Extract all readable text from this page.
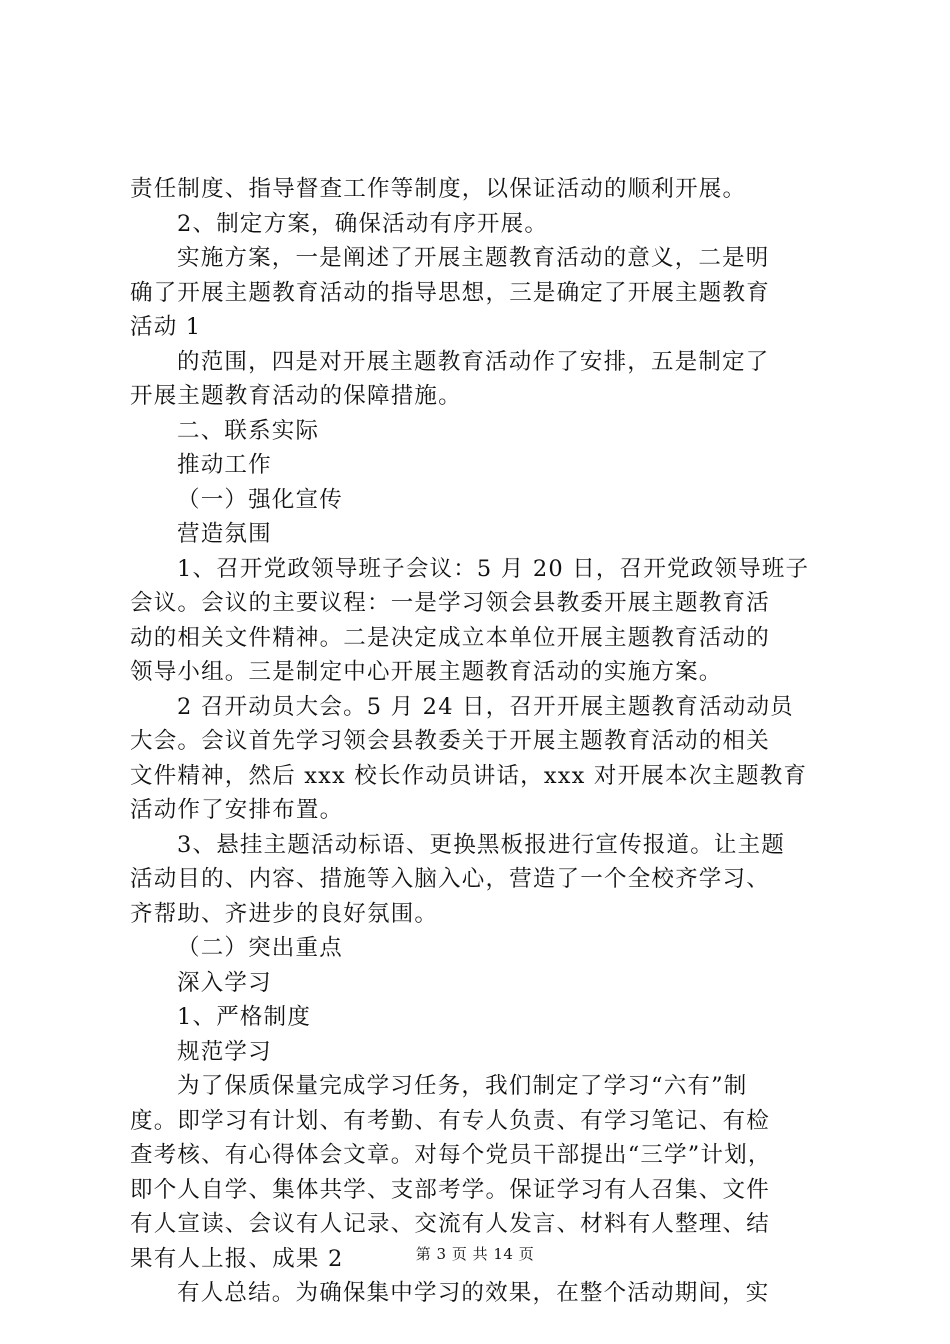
责任制度、指导督查工作等制度，以保证活动的顺利开展。
2、制定方案，确保活动有序开展。
实施方案，一是阐述了开展主题教育活动的意义，二是明
确了开展主题教育活动的指导思想，三是确定了开展主题教育
活动 1
的范围，四是对开展主题教育活动作了安排，五是制定了
开展主题教育活动的保障措施。
二、联系实际
推动工作
（一）强化宣传
营造氛围
1、召开党政领导班子会议：5 月 20 日，召开党政领导班子
会议。会议的主要议程：一是学习领会县教委开展主题教育活
动的相关文件精神。二是决定成立本单位开展主题教育活动的
领导小组。三是制定中心开展主题教育活动的实施方案。
2 召开动员大会。5 月 24 日，召开开展主题教育活动动员
大会。会议首先学习领会县教委关于开展主题教育活动的相关
文件精神，然后 xxx 校长作动员讲话，xxx 对开展本次主题教育
活动作了安排布置。
3、悬挂主题活动标语、更换黑板报进行宣传报道。让主题
活动目的、内容、措施等入脑入心，营造了一个全校齐学习、
齐帮助、齐进步的良好氛围。
（二）突出重点
深入学习
1、严格制度
规范学习
为了保质保量完成学习任务，我们制定了学习“六有”制
度。即学习有计划、有考勤、有专人负责、有学习笔记、有检
查考核、有心得体会文章。对每个党员干部提出“三学”计划，
即个人自学、集体共学、支部考学。保证学习有人召集、文件
有人宣读、会议有人记录、交流有人发言、材料有人整理、结
果有人上报、成果 2
有人总结。为确保集中学习的效果，在整个活动期间，实
第 3 页 共 14 页
